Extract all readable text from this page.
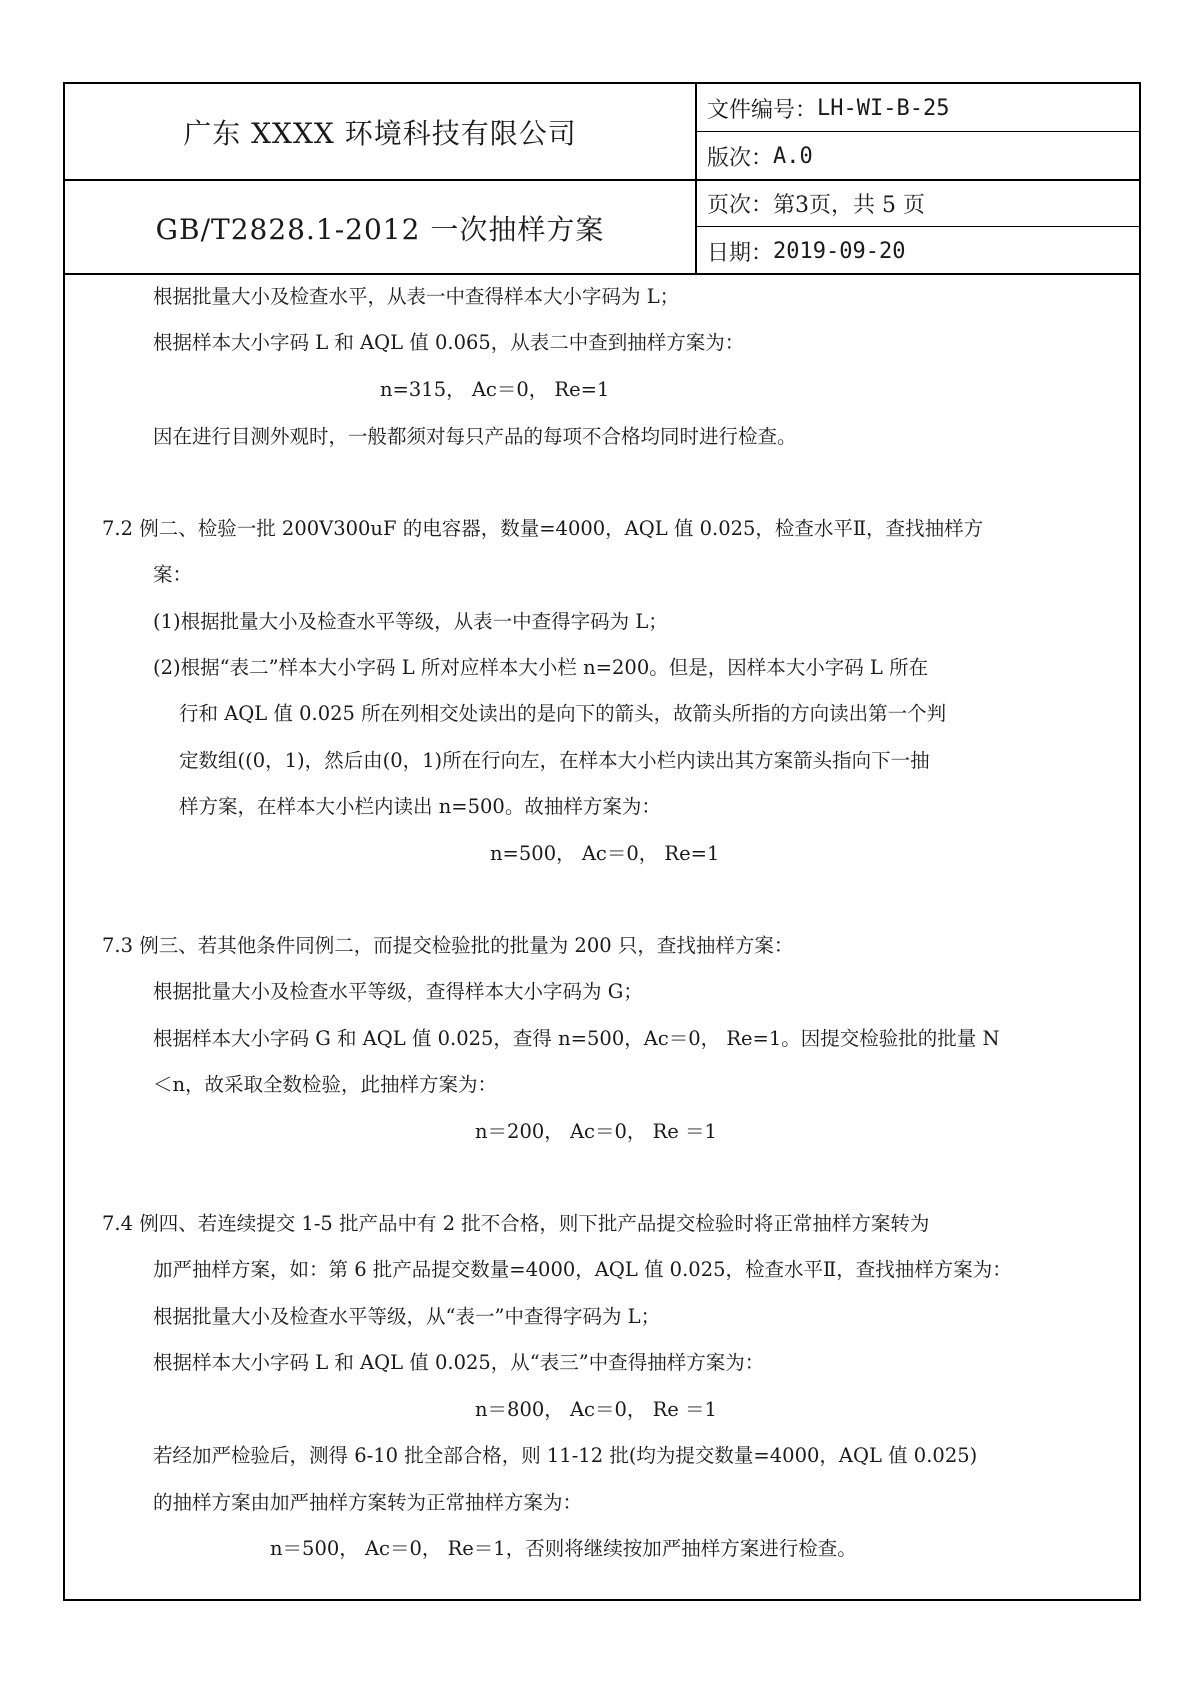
广东 XXXX 环境科技有限公司
GB/T2828.1-2012 一次抽样方案
文件编号： LH-WI-B-25
版次： A.0
页次： 第3页，共 5 页
日期： 2019-09-20
根据批量大小及检查水平，从表一中查得样本大小字码为 L；
根据样本大小字码 L 和 AQL 值 0.065，从表二中查到抽样方案为：
n=315， Ac＝0， Re=1
因在进行目测外观时，一般都须对每只产品的每项不合格均同时进行检查。
7.2 例二、检验一批 200V300uF 的电容器，数量=4000，AQL 值 0.025，检查水平Ⅱ，查找抽样方
案：
(1)根据批量大小及检查水平等级，从表一中查得字码为 L；
(2)根据“表二”样本大小字码 L 所对应样本大小栏 n=200。但是，因样本大小字码 L 所在
行和 AQL 值 0.025 所在列相交处读出的是向下的箭头，故箭头所指的方向读出第一个判
定数组((0，1)，然后由(0，1)所在行向左，在样本大小栏内读出其方案箭头指向下一抽
样方案，在样本大小栏内读出 n=500。故抽样方案为：
n=500， Ac＝0， Re=1
7.3 例三、若其他条件同例二，而提交检验批的批量为 200 只，查找抽样方案：
根据批量大小及检查水平等级，查得样本大小字码为 G；
根据样本大小字码 G 和 AQL 值 0.025，查得 n=500，Ac＝0， Re=1。因提交检验批的批量 N
＜n，故采取全数检验，此抽样方案为：
n＝200， Ac＝0， Re ＝1
7.4 例四、若连续提交 1-5 批产品中有 2 批不合格，则下批产品提交检验时将正常抽样方案转为
加严抽样方案，如：第 6 批产品提交数量=4000，AQL 值 0.025，检查水平Ⅱ，查找抽样方案为：
根据批量大小及检查水平等级，从“表一”中查得字码为 L；
根据样本大小字码 L 和 AQL 值 0.025，从“表三”中查得抽样方案为：
n＝800， Ac＝0， Re ＝1
若经加严检验后，测得 6-10 批全部合格，则 11-12 批(均为提交数量=4000，AQL 值 0.025)
的抽样方案由加严抽样方案转为正常抽样方案为：
n＝500， Ac＝0， Re＝1，否则将继续按加严抽样方案进行检查。
